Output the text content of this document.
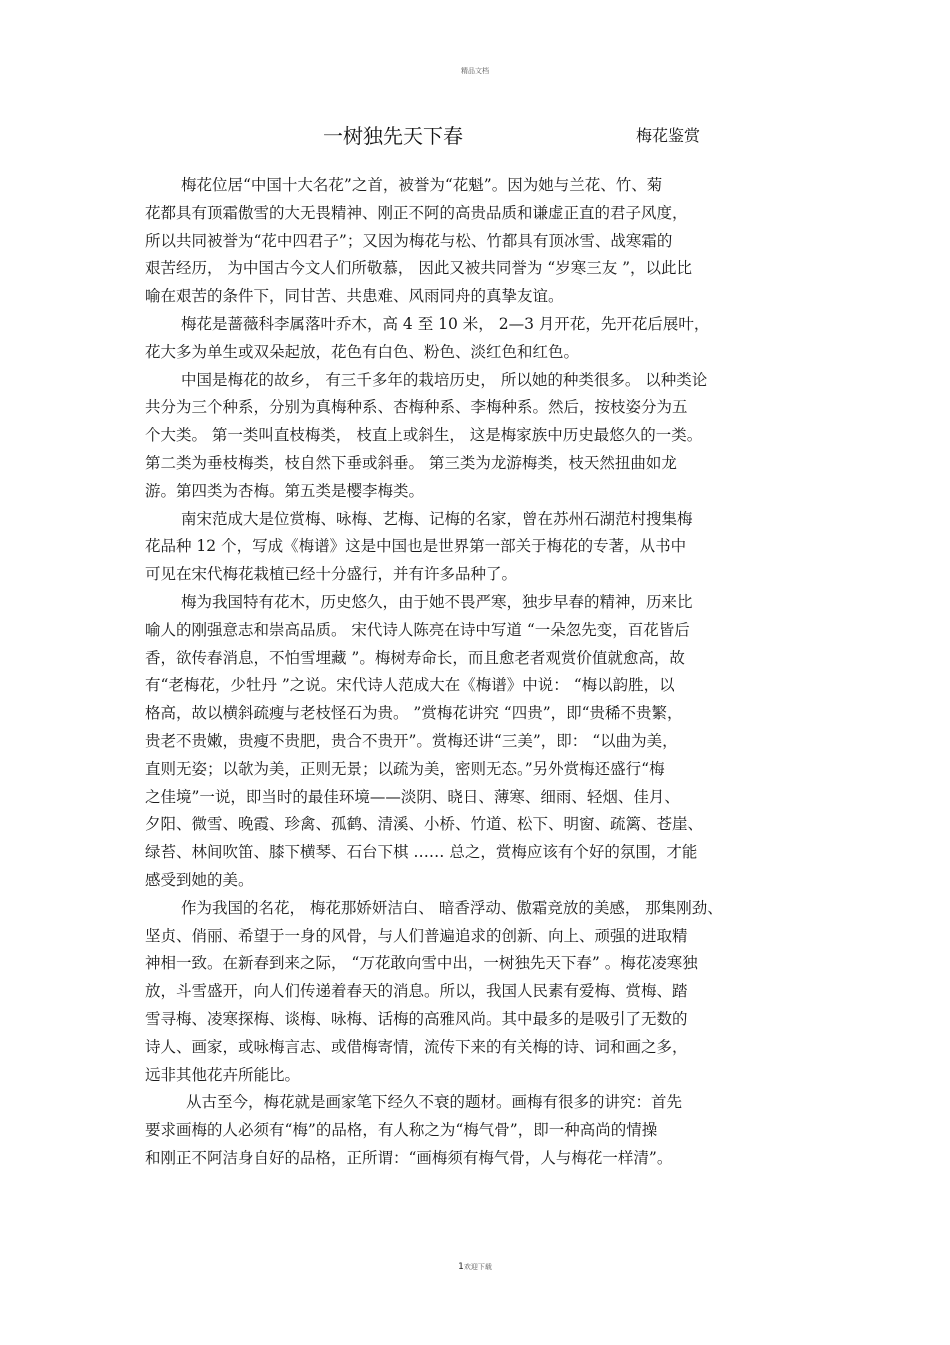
精品文档
一树独先天下春	梅花鉴赏
梅花位居“中国十大名花”之首，被誉为“花魁”。因为她与兰花、竹、菊
花都具有顶霜傲雪的大无畏精神、刚正不阿的高贵品质和谦虚正直的君子风度，
所以共同被誉为“花中四君子”；又因为梅花与松、竹都具有顶冰雪、战寒霜的
艰苦经历， 为中国古今文人们所敬慕， 因此又被共同誉为 “岁寒三友 ”，以此比
喻在艰苦的条件下，同甘苦、共患难、风雨同舟的真挚友谊。
梅花是蔷薇科李属落叶乔木，高 4 至 10 米， 2—3 月开花，先开花后展叶，
花大多为单生或双朵起放，花色有白色、粉色、淡红色和红色。
中国是梅花的故乡， 有三千多年的栽培历史， 所以她的种类很多。 以种类论
共分为三个种系，分别为真梅种系、杏梅种系、李梅种系。然后，按枝姿分为五
个大类。 第一类叫直枝梅类， 枝直上或斜生， 这是梅家族中历史最悠久的一类。
第二类为垂枝梅类，枝自然下垂或斜垂。 第三类为龙游梅类，枝天然扭曲如龙
游。第四类为杏梅。第五类是樱李梅类。
南宋范成大是位赏梅、咏梅、艺梅、记梅的名家，曾在苏州石湖范村搜集梅
花品种 12 个，写成《梅谱》这是中国也是世界第一部关于梅花的专著，从书中
可见在宋代梅花栽植已经十分盛行，并有许多品种了。
梅为我国特有花木，历史悠久，由于她不畏严寒，独步早春的精神，历来比
喻人的刚强意志和崇高品质。 宋代诗人陈亮在诗中写道 “一朵忽先变，百花皆后
香，欲传春消息，不怕雪埋藏 ”。梅树寿命长，而且愈老者观赏价值就愈高，故
有“老梅花，少牡丹 ”之说。宋代诗人范成大在《梅谱》中说： “梅以韵胜，以
格高，故以横斜疏瘦与老枝怪石为贵。 ”赏梅花讲究 “四贵”，即“贵稀不贵繁，
贵老不贵嫩，贵瘦不贵肥，贵合不贵开”。赏梅还讲“三美”，即： “以曲为美，
直则无姿；以欹为美，正则无景；以疏为美，密则无态。”另外赏梅还盛行“梅
之佳境”一说，即当时的最佳环境——淡阴、晓日、薄寒、细雨、轻烟、佳月、
夕阳、微雪、晚霞、珍禽、孤鹤、清溪、小桥、竹道、松下、明窗、疏篱、苍崖、
绿苔、林间吹笛、膝下横琴、石台下棋 …… 总之，赏梅应该有个好的氛围，才能
感受到她的美。
作为我国的名花， 梅花那娇妍洁白、 暗香浮动、傲霜竞放的美感， 那集刚劲、
坚贞、俏丽、希望于一身的风骨，与人们普遍追求的创新、向上、顽强的进取精
神相一致。在新春到来之际， “万花敢向雪中出，一树独先天下春” 。梅花凌寒独
放，斗雪盛开，向人们传递着春天的消息。所以，我国人民素有爱梅、赏梅、踏
雪寻梅、凌寒探梅、谈梅、咏梅、话梅的高雅风尚。其中最多的是吸引了无数的
诗人、画家，或咏梅言志、或借梅寄情，流传下来的有关梅的诗、词和画之多，
远非其他花卉所能比。
从古至今，梅花就是画家笔下经久不衰的题材。画梅有很多的讲究：首先
要求画梅的人必须有“梅”的品格，有人称之为“梅气骨”，即一种高尚的情操
和刚正不阿洁身自好的品格，正所谓：“画梅须有梅气骨，人与梅花一样清”。
1欢迎下载
